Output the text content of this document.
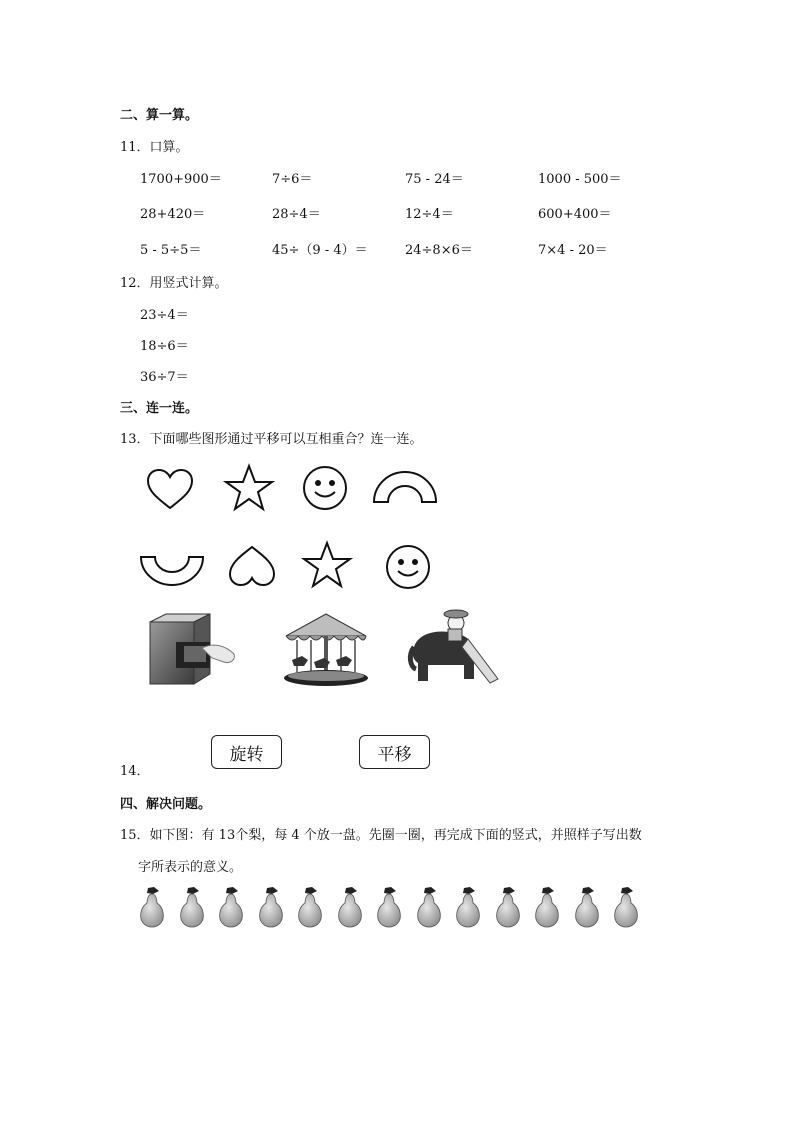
二、算一算。
11．口算。
1700+900＝	7÷6＝	75 - 24＝	1000 - 500＝
28+420＝	28÷4＝	12÷4＝	600+400＝
5 - 5÷5＝	45÷（9 - 4）＝	24÷8×6＝	7×4 - 20＝
12．用竖式计算。
23÷4＝
18÷6＝
36÷7＝
三、连一连。
13．下面哪些图形通过平移可以互相重合？连一连。
14．
旋转	平移
四、解决问题。
15．如下图：有 13个梨，每 4 个放一盘。先圈一圈，再完成下面的竖式，并照样子写出数
字所表示的意义。
